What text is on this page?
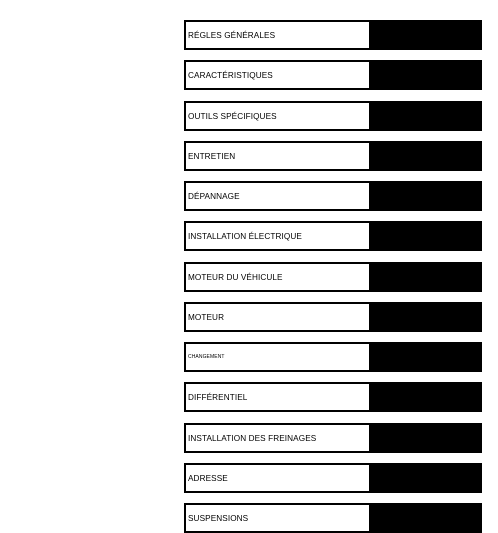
RÉGLES GÉNÉRALES
CARACTÉRISTIQUES
OUTILS SPÉCIFIQUES
ENTRETIEN
DÉPANNAGE
INSTALLATION ÉLECTRIQUE
MOTEUR DU VÉHICULE
MOTEUR
CHANGEMENT
DIFFÉRENTIEL
INSTALLATION DES FREINAGES
ADRESSE
SUSPENSIONS
